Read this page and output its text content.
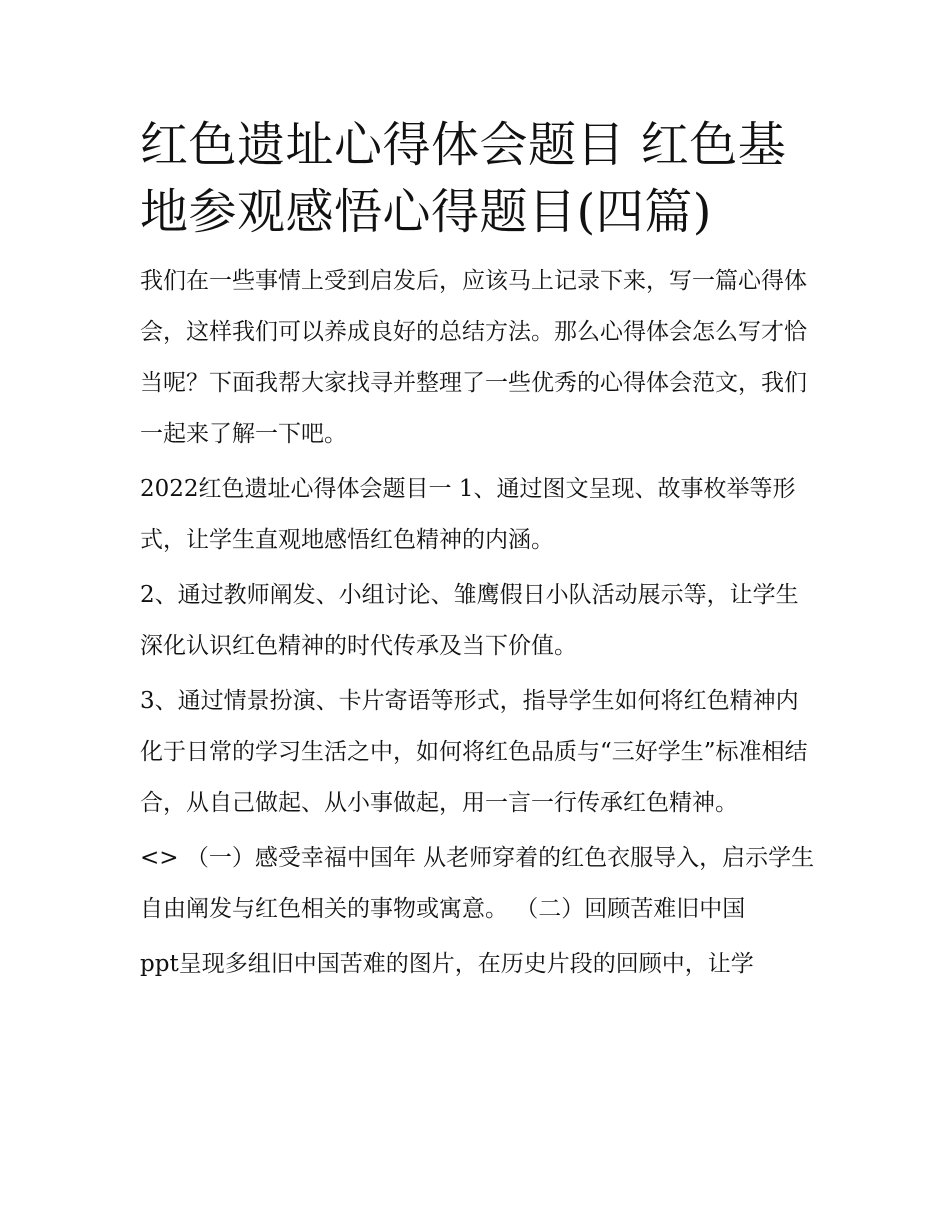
红色遗址心得体会题目 红色基地参观感悟心得题目(四篇)

我们在一些事情上受到启发后，应该马上记录下来，写一篇心得体会，这样我们可以养成良好的总结方法。那么心得体会怎么写才恰当呢？下面我帮大家找寻并整理了一些优秀的心得体会范文，我们一起来了解一下吧。

2022红色遗址心得体会题目一 1、通过图文呈现、故事枚举等形式，让学生直观地感悟红色精神的内涵。

2、通过教师阐发、小组讨论、雏鹰假日小队活动展示等，让学生深化认识红色精神的时代传承及当下价值。

3、通过情景扮演、卡片寄语等形式，指导学生如何将红色精神内化于日常的学习生活之中，如何将红色品质与“三好学生”标准相结合，从自己做起、从小事做起，用一言一行传承红色精神。

<> （一）感受幸福中国年 从老师穿着的红色衣服导入，启示学生自由阐发与红色相关的事物或寓意。 （二）回顾苦难旧中国

ppt呈现多组旧中国苦难的图片，在历史片段的回顾中，让学
